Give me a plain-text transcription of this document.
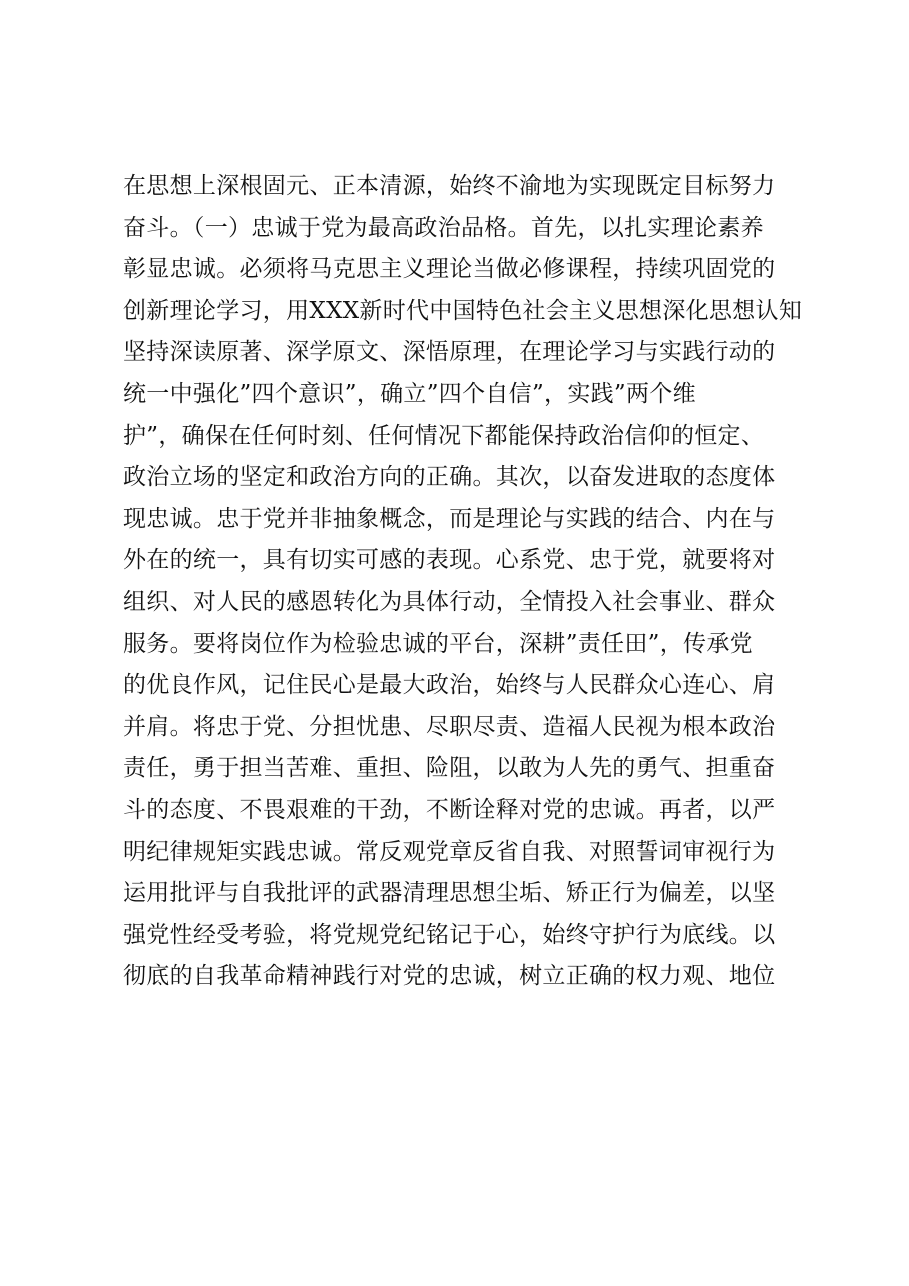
在思想上深根固元、正本清源，始终不渝地为实现既定目标努力
奋斗。（一）忠诚于党为最高政治品格。首先，以扎实理论素养
彰显忠诚。必须将马克思主义理论当做必修课程，持续巩固党的
创新理论学习，用XXX新时代中国特色社会主义思想深化思想认知
坚持深读原著、深学原文、深悟原理，在理论学习与实践行动的
统一中强化”四个意识”，确立”四个自信”，实践”两个维
护”，确保在任何时刻、任何情况下都能保持政治信仰的恒定、
政治立场的坚定和政治方向的正确。其次，以奋发进取的态度体
现忠诚。忠于党并非抽象概念，而是理论与实践的结合、内在与
外在的统一，具有切实可感的表现。心系党、忠于党，就要将对
组织、对人民的感恩转化为具体行动，全情投入社会事业、群众
服务。要将岗位作为检验忠诚的平台，深耕”责任田”，传承党
的优良作风，记住民心是最大政治，始终与人民群众心连心、肩
并肩。将忠于党、分担忧患、尽职尽责、造福人民视为根本政治
责任，勇于担当苦难、重担、险阻，以敢为人先的勇气、担重奋
斗的态度、不畏艰难的干劲，不断诠释对党的忠诚。再者，以严
明纪律规矩实践忠诚。常反观党章反省自我、对照誓词审视行为
运用批评与自我批评的武器清理思想尘垢、矫正行为偏差，以坚
强党性经受考验，将党规党纪铭记于心，始终守护行为底线。以
彻底的自我革命精神践行对党的忠诚，树立正确的权力观、地位
